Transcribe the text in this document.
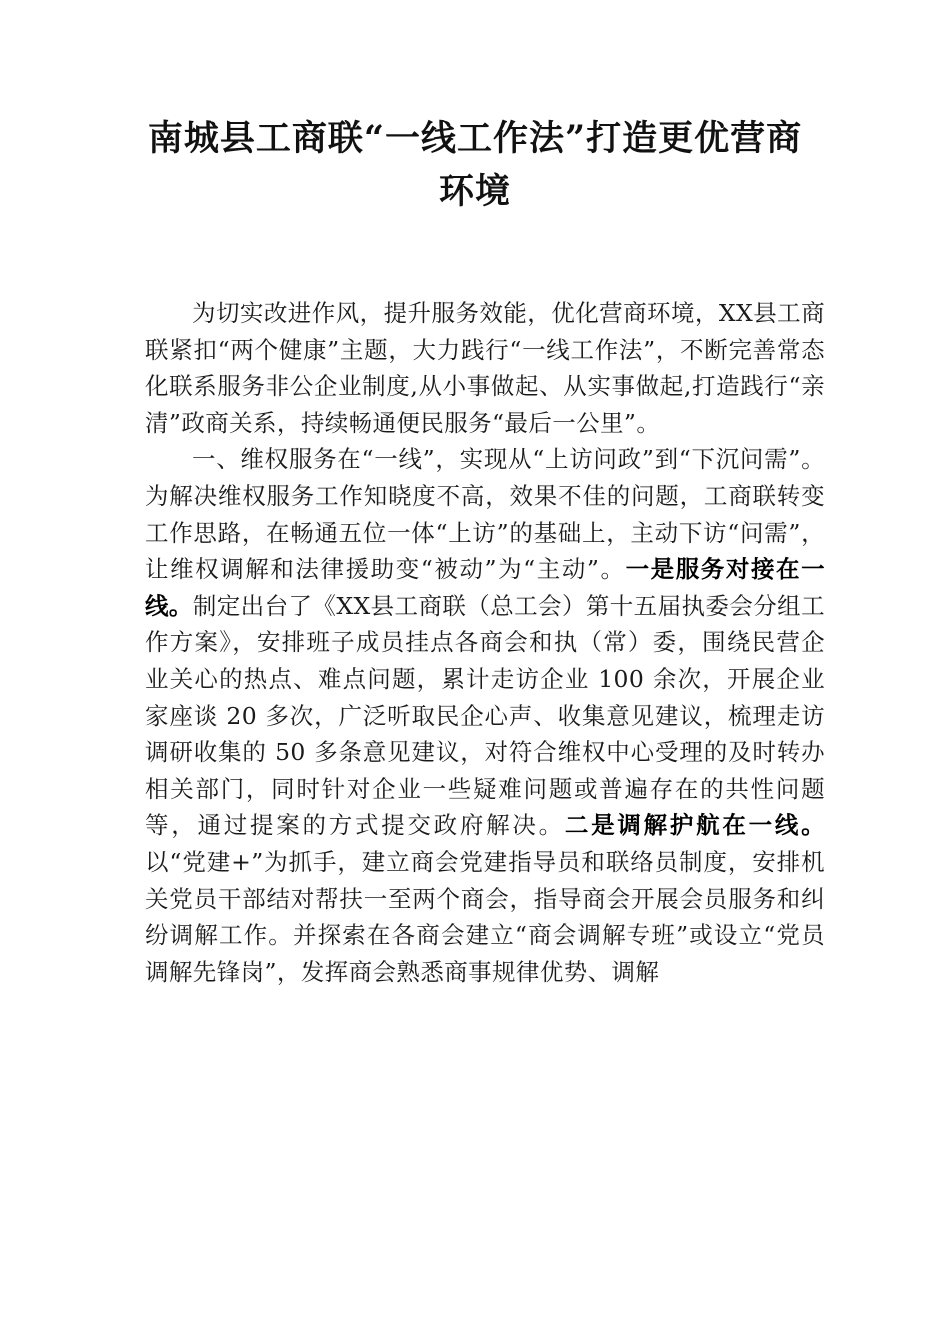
南城县工商联“一线工作法”打造更优营商环境

为切实改进作风，提升服务效能，优化营商环境，XX县工商联紧扣“两个健康”主题，大力践行“一线工作法”，不断完善常态化联系服务非公企业制度,从小事做起、从实事做起,打造践行“亲清”政商关系，持续畅通便民服务“最后一公里”。

一、维权服务在“一线”，实现从“上访问政”到“下沉问需”。为解决维权服务工作知晓度不高，效果不佳的问题，工商联转变工作思路，在畅通五位一体“上访”的基础上，主动下访“问需”，让维权调解和法律援助变“被动”为“主动”。一是服务对接在一线。制定出台了《XX县工商联（总工会）第十五届执委会分组工作方案》，安排班子成员挂点各商会和执（常）委，围绕民营企业关心的热点、难点问题，累计走访企业 100 余次，开展企业家座谈 20 多次，广泛听取民企心声、收集意见建议，梳理走访调研收集的 50 多条意见建议，对符合维权中心受理的及时转办相关部门，同时针对企业一些疑难问题或普遍存在的共性问题等，通过提案的方式提交政府解决。二是调解护航在一线。以“党建+”为抓手，建立商会党建指导员和联络员制度，安排机关党员干部结对帮扶一至两个商会，指导商会开展会员服务和纠纷调解工作。并探索在各商会建立“商会调解专班”或设立“党员调解先锋岗”，发挥商会熟悉商事规律优势、调解
